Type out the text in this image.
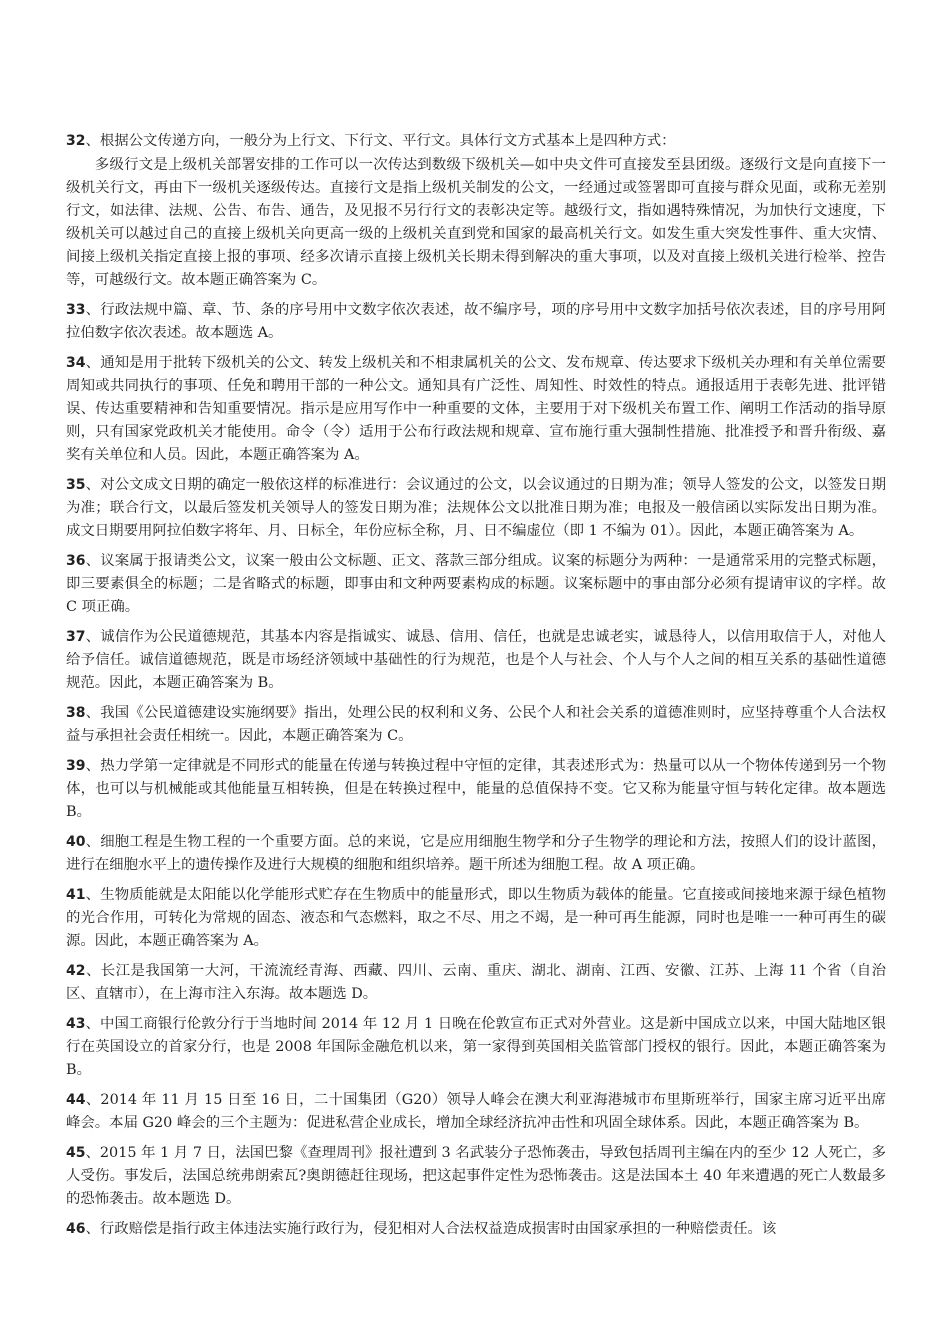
32、根据公文传递方向，一般分为上行文、下行文、平行文。具体行文方式基本上是四种方式：

多级行文是上级机关部署安排的工作可以一次传达到数级下级机关—如中央文件可直接发至县团级。逐级行文是向直接下一级机关行文，再由下一级机关逐级传达。直接行文是指上级机关制发的公文，一经通过或签署即可直接与群众见面，或称无差别行文，如法律、法规、公告、布告、通告，及见报不另行行文的表彰决定等。越级行文，指如遇特殊情况，为加快行文速度，下级机关可以越过自己的直接上级机关向更高一级的上级机关直到党和国家的最高机关行文。如发生重大突发性事件、重大灾情、间接上级机关指定直接上报的事项、经多次请示直接上级机关长期未得到解决的重大事项，以及对直接上级机关进行检举、控告等，可越级行文。故本题正确答案为 C。

33、行政法规中篇、章、节、条的序号用中文数字依次表述，故不编序号，项的序号用中文数字加括号依次表述，目的序号用阿拉伯数字依次表述。故本题选 A。

34、通知是用于批转下级机关的公文、转发上级机关和不相隶属机关的公文、发布规章、传达要求下级机关办理和有关单位需要周知或共同执行的事项、任免和聘用干部的一种公文。通知具有广泛性、周知性、时效性的特点。通报适用于表彰先进、批评错误、传达重要精神和告知重要情况。指示是应用写作中一种重要的文体，主要用于对下级机关布置工作、阐明工作活动的指导原则，只有国家党政机关才能使用。命令（令）适用于公布行政法规和规章、宣布施行重大强制性措施、批准授予和晋升衔级、嘉奖有关单位和人员。因此，本题正确答案为 A。

35、对公文成文日期的确定一般依这样的标准进行：会议通过的公文，以会议通过的日期为准；领导人签发的公文，以签发日期为准；联合行文，以最后签发机关领导人的签发日期为准；法规体公文以批准日期为准；电报及一般信函以实际发出日期为准。成文日期要用阿拉伯数字将年、月、日标全，年份应标全称，月、日不编虚位（即 1 不编为 01）。因此，本题正确答案为 A。

36、议案属于报请类公文，议案一般由公文标题、正文、落款三部分组成。议案的标题分为两种：一是通常采用的完整式标题，即三要素俱全的标题；二是省略式的标题，即事由和文种两要素构成的标题。议案标题中的事由部分必须有提请审议的字样。故 C 项正确。

37、诚信作为公民道德规范，其基本内容是指诚实、诚恳、信用、信任，也就是忠诚老实，诚恳待人，以信用取信于人，对他人给予信任。诚信道德规范，既是市场经济领域中基础性的行为规范，也是个人与社会、个人与个人之间的相互关系的基础性道德规范。因此，本题正确答案为 B。

38、我国《公民道德建设实施纲要》指出，处理公民的权利和义务、公民个人和社会关系的道德准则时，应坚持尊重个人合法权益与承担社会责任相统一。因此，本题正确答案为 C。

39、热力学第一定律就是不同形式的能量在传递与转换过程中守恒的定律，其表述形式为：热量可以从一个物体传递到另一个物体，也可以与机械能或其他能量互相转换，但是在转换过程中，能量的总值保持不变。它又称为能量守恒与转化定律。故本题选 B。

40、细胞工程是生物工程的一个重要方面。总的来说，它是应用细胞生物学和分子生物学的理论和方法，按照人们的设计蓝图，进行在细胞水平上的遗传操作及进行大规模的细胞和组织培养。题干所述为细胞工程。故 A 项正确。

41、生物质能就是太阳能以化学能形式贮存在生物质中的能量形式，即以生物质为载体的能量。它直接或间接地来源于绿色植物的光合作用，可转化为常规的固态、液态和气态燃料，取之不尽、用之不竭，是一种可再生能源，同时也是唯一一种可再生的碳源。因此，本题正确答案为 A。

42、长江是我国第一大河，干流流经青海、西藏、四川、云南、重庆、湖北、湖南、江西、安徽、江苏、上海 11 个省（自治区、直辖市），在上海市注入东海。故本题选 D。

43、中国工商银行伦敦分行于当地时间 2014 年 12 月 1 日晚在伦敦宣布正式对外营业。这是新中国成立以来，中国大陆地区银行在英国设立的首家分行，也是 2008 年国际金融危机以来，第一家得到英国相关监管部门授权的银行。因此，本题正确答案为 B。

44、2014 年 11 月 15 日至 16 日，二十国集团（G20）领导人峰会在澳大利亚海港城市布里斯班举行，国家主席习近平出席峰会。本届 G20 峰会的三个主题为：促进私营企业成长，增加全球经济抗冲击性和巩固全球体系。因此，本题正确答案为 B。

45、2015 年 1 月 7 日，法国巴黎《查理周刊》报社遭到 3 名武装分子恐怖袭击，导致包括周刊主编在内的至少 12 人死亡，多人受伤。事发后，法国总统弗朗索瓦?奥朗德赶往现场，把这起事件定性为恐怖袭击。这是法国本土 40 年来遭遇的死亡人数最多的恐怖袭击。故本题选 D。

46、行政赔偿是指行政主体违法实施行政行为，侵犯相对人合法权益造成损害时由国家承担的一种赔偿责任。该
